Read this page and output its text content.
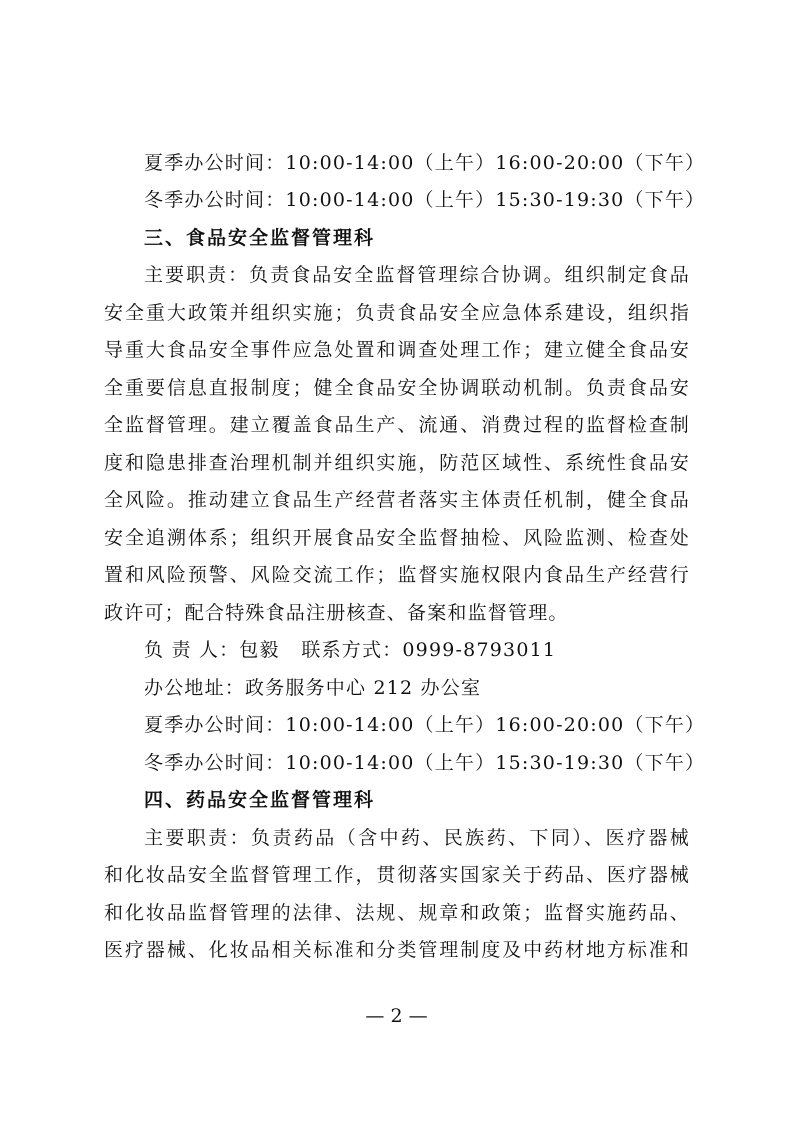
夏季办公时间：10:00-14:00（上午）16:00-20:00（下午）
冬季办公时间：10:00-14:00（上午）15:30-19:30（下午）
三、食品安全监督管理科
主要职责：负责食品安全监督管理综合协调。组织制定食品
安全重大政策并组织实施；负责食品安全应急体系建设，组织指
导重大食品安全事件应急处置和调查处理工作；建立健全食品安
全重要信息直报制度；健全食品安全协调联动机制。负责食品安
全监督管理。建立覆盖食品生产、流通、消费过程的监督检查制
度和隐患排查治理机制并组织实施，防范区域性、系统性食品安
全风险。推动建立食品生产经营者落实主体责任机制，健全食品
安全追溯体系；组织开展食品安全监督抽检、风险监测、检查处
置和风险预警、风险交流工作；监督实施权限内食品生产经营行
政许可；配合特殊食品注册核查、备案和监督管理。
负 责 人：包毅   联系方式：0999-8793011
办公地址：政务服务中心 212 办公室
夏季办公时间：10:00-14:00（上午）16:00-20:00（下午）
冬季办公时间：10:00-14:00（上午）15:30-19:30（下午）
四、药品安全监督管理科
主要职责：负责药品（含中药、民族药、下同）、医疗器械
和化妆品安全监督管理工作，贯彻落实国家关于药品、医疗器械
和化妆品监督管理的法律、法规、规章和政策；监督实施药品、
医疗器械、化妆品相关标准和分类管理制度及中药材地方标准和
— 2 —
